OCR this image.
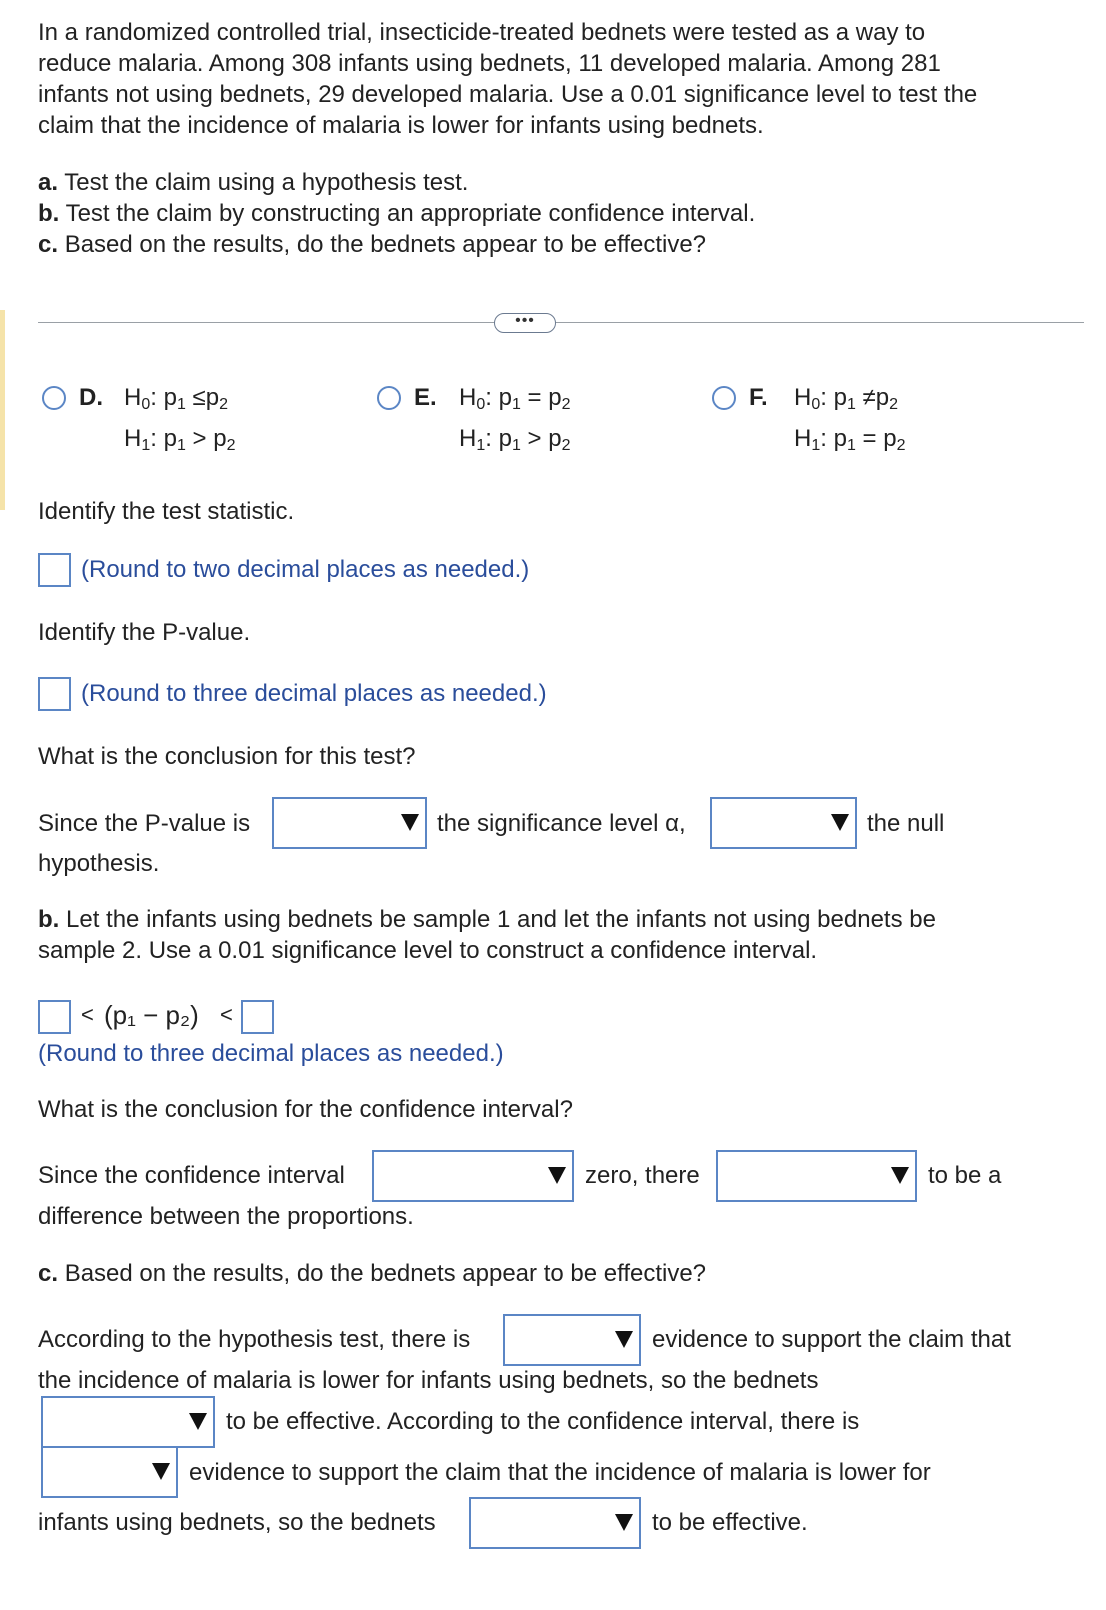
In a randomized controlled trial, insecticide-treated bednets were tested as a way to
reduce malaria. Among 308 infants using bednets, 11 developed malaria. Among 281
infants not using bednets, 29 developed malaria. Use a 0.01 significance level to test the
claim that the incidence of malaria is lower for infants using bednets.
a. Test the claim using a hypothesis test.
b. Test the claim by constructing an appropriate confidence interval.
c. Based on the results, do the bednets appear to be effective?
•••
D. $H_0$: $p_1 \le p_2$
$H_1$: $p_1 > p_2$
E. $H_0$: $p_1 = p_2$
$H_1$: $p_1 > p_2$
F. $H_0$: $p_1 \ne p_2$
$H_1$: $p_1 = p_2$
Identify the test statistic.
(Round to two decimal places as needed.)
Identify the P-value.
(Round to three decimal places as needed.)
What is the conclusion for this test?
Since the P-value is	the significance level α,	the null
hypothesis.
b. Let the infants using bednets be sample 1 and let the infants not using bednets be
sample 2. Use a 0.01 significance level to construct a confidence interval.
< (p₁ − p₂) <
(Round to three decimal places as needed.)
What is the conclusion for the confidence interval?
Since the confidence interval	zero, there	to be a
difference between the proportions.
c. Based on the results, do the bednets appear to be effective?
According to the hypothesis test, there is	evidence to support the claim that
the incidence of malaria is lower for infants using bednets, so the bednets
to be effective. According to the confidence interval, there is
evidence to support the claim that the incidence of malaria is lower for
infants using bednets, so the bednets	to be effective.
